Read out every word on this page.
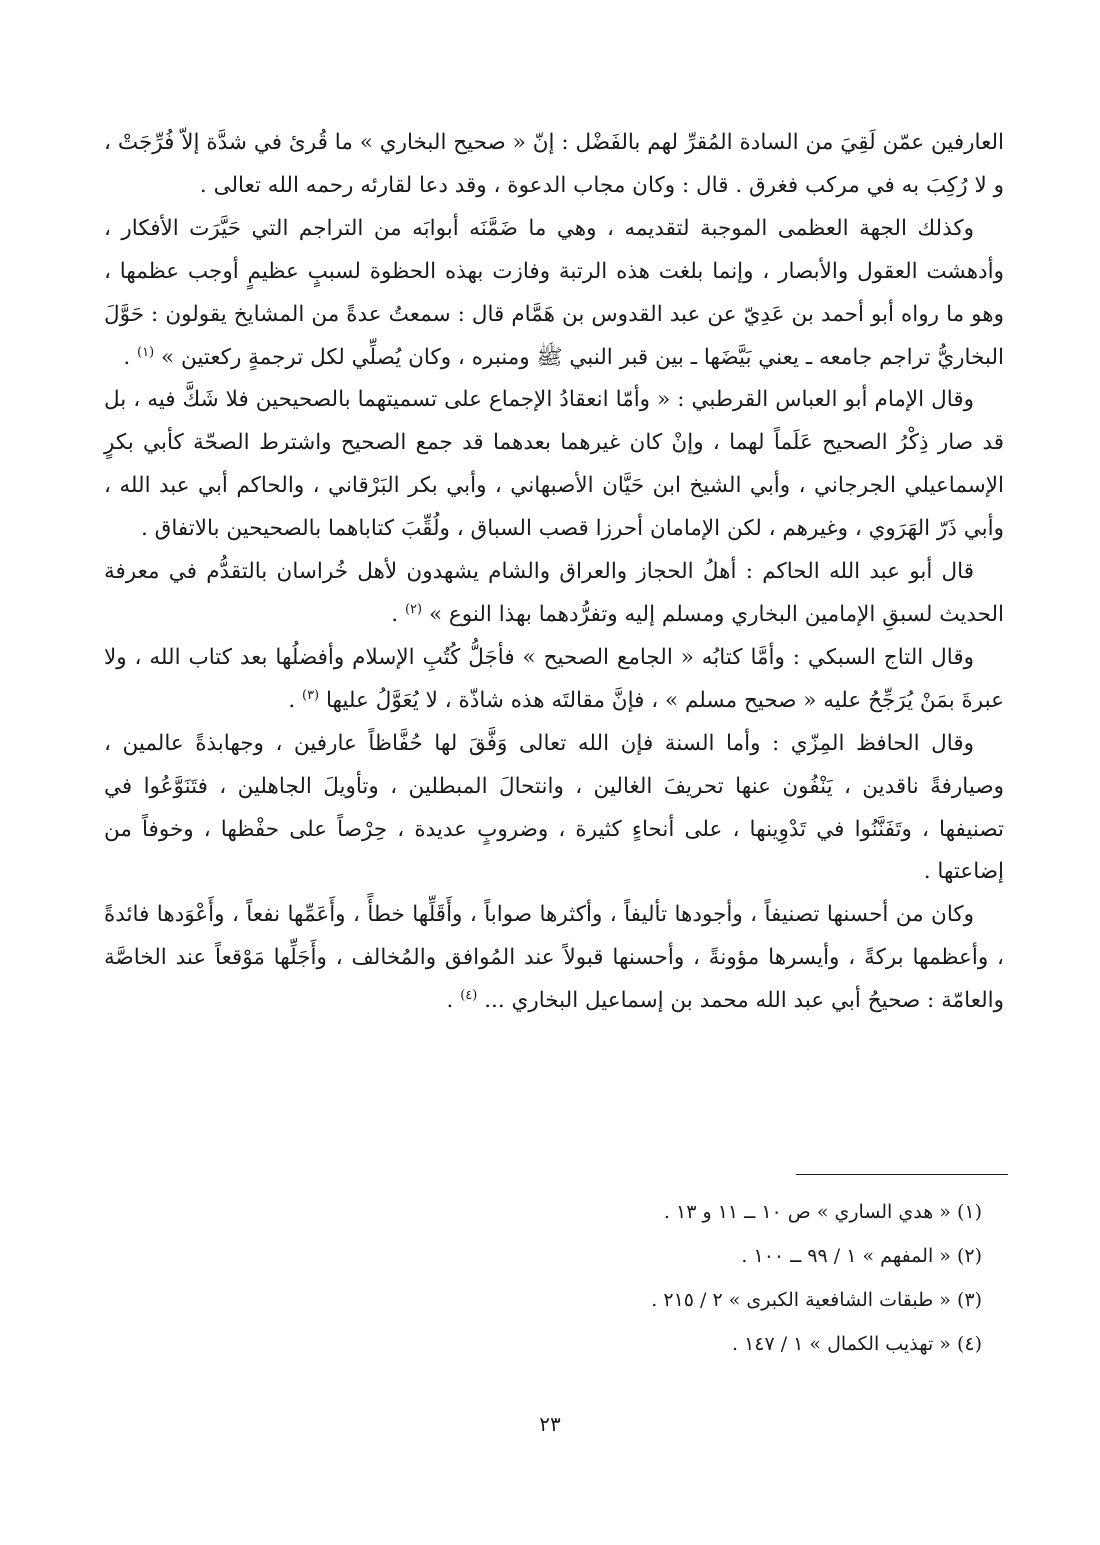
العارفين عمّن لَقِيَ من السادة المُقرِّ لهم بالفَضْل : إنّ « صحيح البخاري » ما قُرئ في شدَّة إلاّ فُرِّجَتْ ، و لا رُكِبَ به في مركب فغرق . قال : وكان مجاب الدعوة ، وقد دعا لقارئه رحمه الله تعالى .

وكذلك الجهة العظمى الموجبة لتقديمه ، وهي ما ضَمَّنَه أبوابَه من التراجم التي حَيَّرَت الأفكار ، وأدهشت العقول والأبصار ، وإنما بلغت هذه الرتبة وفازت بهذه الحظوة لسببٍ عظيمٍ أوجب عظمها ، وهو ما رواه أبو أحمد بن عَدِيّ عن عبد القدوس بن هَمَّام قال : سمعتُ عدةً من المشايخ يقولون : حَوَّلَ البخاريُّ تراجم جامعه ـ يعني بَيَّضَها ـ بين قبر النبي ﷺ ومنبره ، وكان يُصلِّي لكل ترجمةٍ ركعتين » $^{(١)}$ .

وقال الإمام أبو العباس القرطبي : « وأمّا انعقادُ الإجماع على تسميتهما بالصحيحين فلا شَكَّ فيه ، بل قد صار ذِكْرُ الصحيح عَلَماً لهما ، وإنْ كان غيرهما بعدهما قد جمع الصحيح واشترط الصحّة كأبي بكرٍ الإسماعيلي الجرجاني ، وأبي الشيخ ابن حَيَّان الأصبهاني ، وأبي بكر البَرْقاني ، والحاكم أبي عبد الله ، وأبي ذَرّ الهَرَوي ، وغيرهم ، لكن الإمامان أحرزا قصب السباق ، ولُقِّبَ كتاباهما بالصحيحين بالاتفاق .

قال أبو عبد الله الحاكم : أهلُ الحجاز والعراق والشام يشهدون لأهل خُراسان بالتقدُّم في معرفة الحديث لسبقِ الإمامين البخاري ومسلم إليه وتفرُّدهما بهذا النوع » $^{(٢)}$ .

وقال التاج السبكي : وأمَّا كتابُه « الجامع الصحيح » فأجَلُّ كُتُبِ الإسلام وأفضلُها بعد كتاب الله ، ولا عبرةَ بمَنْ يُرَجِّحُ عليه « صحيح مسلم » ، فإنَّ مقالتَه هذه شاذّة ، لا يُعَوَّلُ عليها $^{(٣)}$ .

وقال الحافظ المِزّي : وأما السنة فإن الله تعالى وَفَّقَ لها حُفَّاظاً عارفين ، وجهابذةً عالمين ، وصيارفةً ناقدين ، يَنْفُون عنها تحريفَ الغالين ، وانتحالَ المبطلين ، وتأويلَ الجاهلين ، فتَنَوَّعُوا في تصنيفها ، وتَفَنَّنُوا في تَدْوِينها ، على أنحاءٍ كثيرة ، وضروبٍ عديدة ، حِرْصاً على حفْظها ، وخوفاً من إضاعتها .

وكان من أحسنها تصنيفاً ، وأجودها تأليفاً ، وأكثرها صواباً ، وأَقَلِّها خطأً ، وأَعَمِّها نفعاً ، وأَعْوَدها فائدةً ، وأعظمها بركةً ، وأيسرها مؤونةً ، وأحسنها قبولاً عند المُوافق والمُخالف ، وأَجَلِّها مَوْقعاً عند الخاصَّة والعامّة : صحيحُ أبي عبد الله محمد بن إسماعيل البخاري ... $^{(٤)}$ .

(١) « هدي الساري » ص ١٠ ــ ١١ و ١٣ .
(٢) « المفهم » ١ / ٩٩ ــ ١٠٠ .
(٣) « طبقات الشافعية الكبرى » ٢ / ٢١٥ .
(٤) « تهذيب الكمال » ١ / ١٤٧ .
٢٣
